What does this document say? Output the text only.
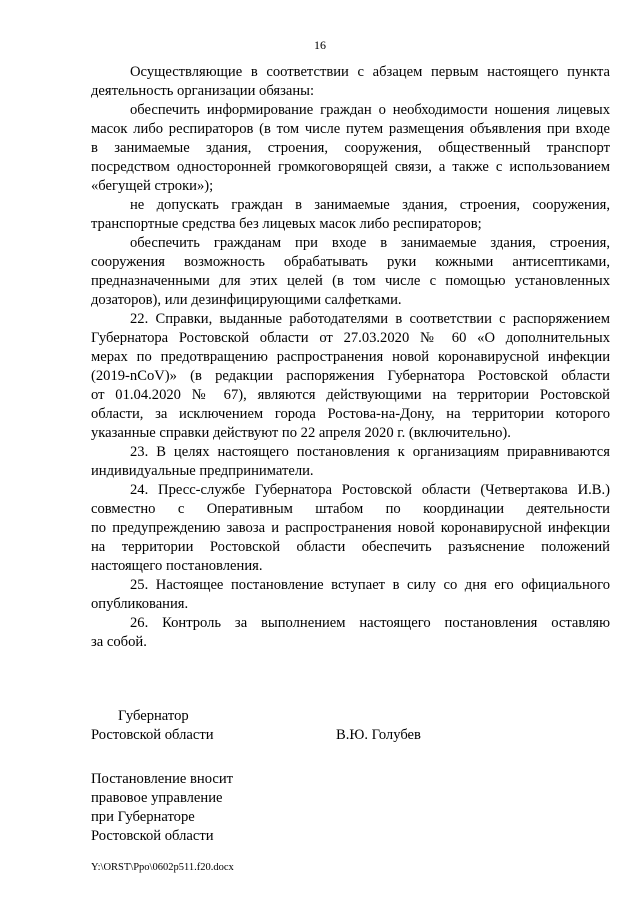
16
Осуществляющие в соответствии с абзацем первым настоящего пункта
деятельность организации обязаны:
обеспечить информирование граждан о необходимости ношения лицевых
масок либо респираторов (в том числе путем размещения объявления при входе
в занимаемые здания, строения, сооружения, общественный транспорт
посредством односторонней громкоговорящей связи, а также с использованием
«бегущей строки»);
не допускать граждан в занимаемые здания, строения, сооружения,
транспортные средства без лицевых масок либо респираторов;
обеспечить гражданам при входе в занимаемые здания, строения,
сооружения возможность обрабатывать руки кожными антисептиками,
предназначенными для этих целей (в том числе с помощью установленных
дозаторов), или дезинфицирующими салфетками.
22. Справки, выданные работодателями в соответствии с распоряжением
Губернатора Ростовской области от 27.03.2020 № 60 «О дополнительных
мерах по предотвращению распространения новой коронавирусной инфекции
(2019-nCoV)» (в редакции распоряжения Губернатора Ростовской области
от 01.04.2020 № 67), являются действующими на территории Ростовской
области, за исключением города Ростова-на-Дону, на территории которого
указанные справки действуют по 22 апреля 2020 г. (включительно).
23. В целях настоящего постановления к организациям приравниваются
индивидуальные предприниматели.
24. Пресс-службе Губернатора Ростовской области (Четвертакова И.В.)
совместно с Оперативным штабом по координации деятельности
по предупреждению завоза и распространения новой коронавирусной инфекции
на территории Ростовской области обеспечить разъяснение положений
настоящего постановления.
25. Настоящее постановление вступает в силу со дня его официального
опубликования.
26. Контроль за выполнением настоящего постановления оставляю
за собой.
Губернатор
Ростовской области	В.Ю. Голубев
Постановление вносит
правовое управление
при Губернаторе
Ростовской области
Y:\ORST\Ppo\0602p511.f20.docx
